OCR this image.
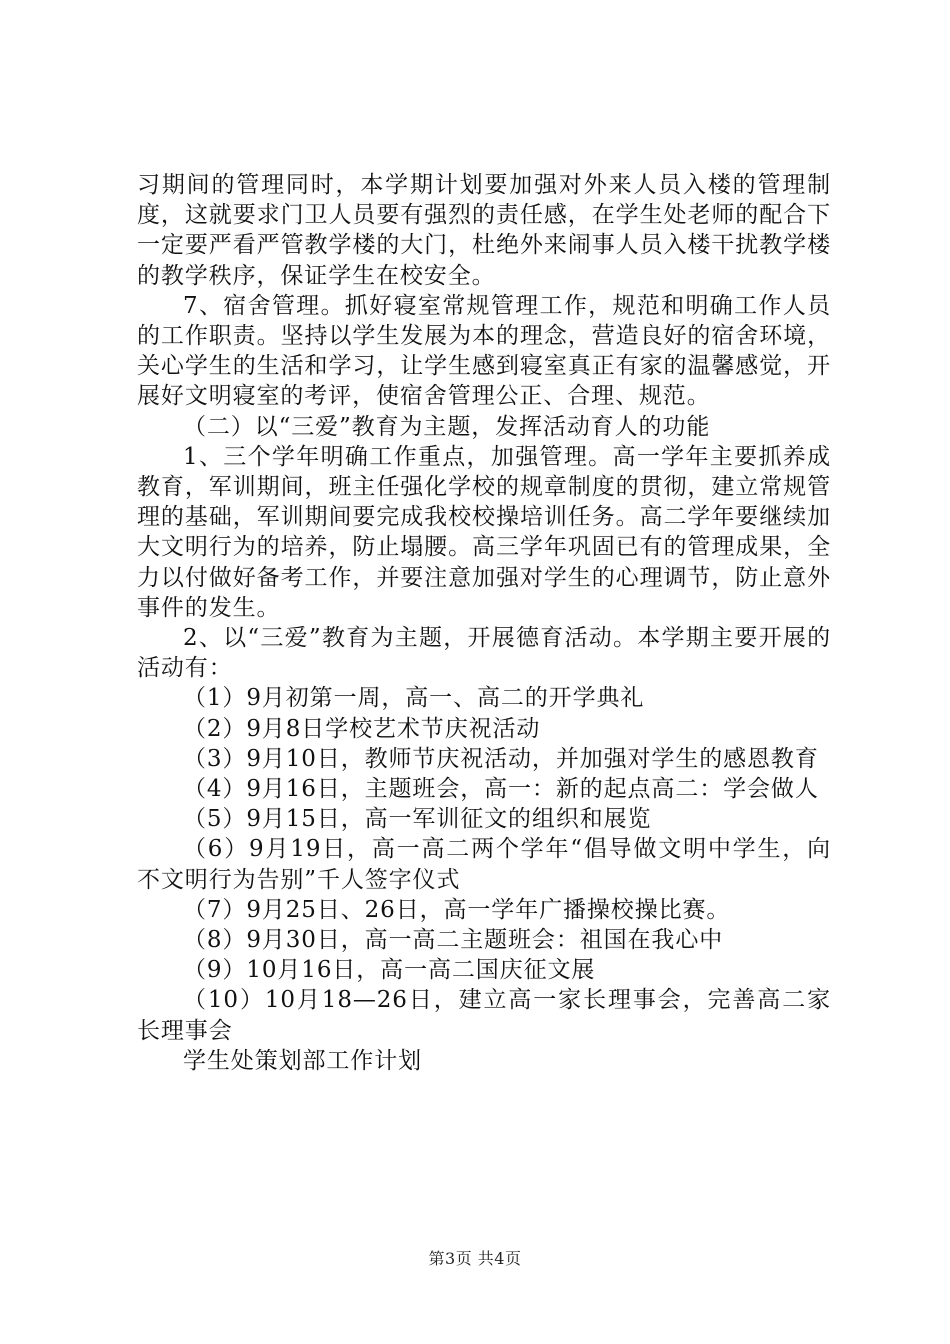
习期间的管理同时，本学期计划要加强对外来人员入楼的管理制度，这就要求门卫人员要有强烈的责任感，在学生处老师的配合下一定要严看严管教学楼的大门，杜绝外来闹事人员入楼干扰教学楼的教学秩序，保证学生在校安全。

7、宿舍管理。抓好寝室常规管理工作，规范和明确工作人员的工作职责。坚持以学生发展为本的理念，营造良好的宿舍环境，关心学生的生活和学习，让学生感到寝室真正有家的温馨感觉，开展好文明寝室的考评，使宿舍管理公正、合理、规范。

（二）以“三爱”教育为主题，发挥活动育人的功能

1、三个学年明确工作重点，加强管理。高一学年主要抓养成教育，军训期间，班主任强化学校的规章制度的贯彻，建立常规管理的基础，军训期间要完成我校校操培训任务。高二学年要继续加大文明行为的培养，防止塌腰。高三学年巩固已有的管理成果，全力以付做好备考工作，并要注意加强对学生的心理调节，防止意外事件的发生。

2、以“三爱”教育为主题，开展德育活动。本学期主要开展的活动有：

（1）9月初第一周，高一、高二的开学典礼

（2）9月8日学校艺术节庆祝活动

（3）9月10日，教师节庆祝活动，并加强对学生的感恩教育

（4）9月16日，主题班会，高一：新的起点高二：学会做人

（5）9月15日，高一军训征文的组织和展览

（6）9月19日，高一高二两个学年“倡导做文明中学生，向不文明行为告别”千人签字仪式

（7）9月25日、26日，高一学年广播操校操比赛。

（8）9月30日，高一高二主题班会：祖国在我心中

（9）10月16日，高一高二国庆征文展

（10）10月18—26日，建立高一家长理事会，完善高二家长理事会

学生处策划部工作计划

第3页 共4页
